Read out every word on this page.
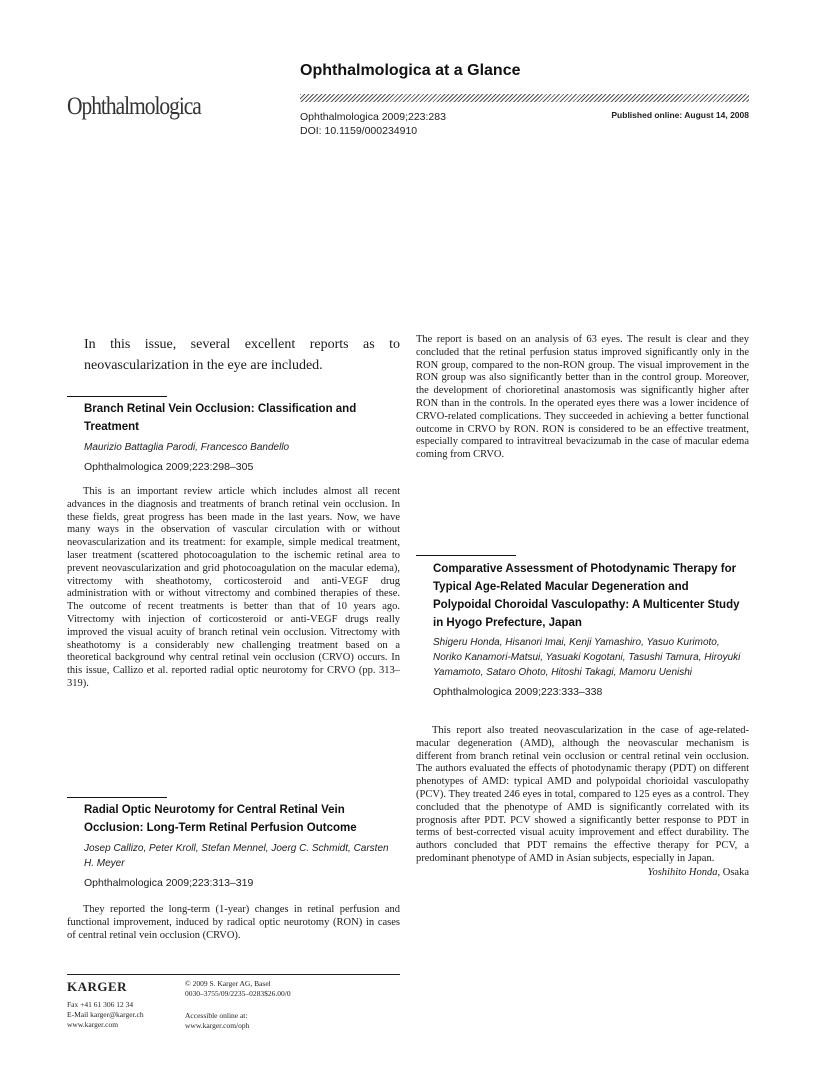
Ophthalmologica
Ophthalmologica at a Glance
Ophthalmologica 2009;223:283
DOI: 10.1159/000234910
Published online: August 14, 2008
In this issue, several excellent reports as to neovascularization in the eye are included.
Branch Retinal Vein Occlusion: Classification and Treatment
Maurizio Battaglia Parodi, Francesco Bandello
Ophthalmologica 2009;223:298–305

This is an important review article which includes almost all recent advances in the diagnosis and treatments of branch retinal vein occlusion. In these fields, great progress has been made in the last years. Now, we have many ways in the observation of vascular circulation with or without neovascularization and its treatment: for example, simple medical treatment, laser treatment (scattered photocoagulation to the ischemic retinal area to prevent neovascularization and grid photocoagulation on the macular edema), vitrectomy with sheathotomy, corticosteroid and anti-VEGF drug administration with or without vitrectomy and combined therapies of these. The outcome of recent treatments is better than that of 10 years ago. Vitrectomy with injection of corticosteroid or anti-VEGF drugs really improved the visual acuity of branch retinal vein occlusion. Vitrectomy with sheathotomy is a considerably new challenging treatment based on a theoretical background why central retinal vein occlusion (CRVO) occurs. In this issue, Callizo et al. reported radial optic neurotomy for CRVO (pp. 313–319).

Radial Optic Neurotomy for Central Retinal Vein Occlusion: Long-Term Retinal Perfusion Outcome
Josep Callizo, Peter Kroll, Stefan Mennel, Joerg C. Schmidt, Carsten H. Meyer
Ophthalmologica 2009;223:313–319

They reported the long-term (1-year) changes in retinal perfusion and functional improvement, induced by radical optic neurotomy (RON) in cases of central retinal vein occlusion (CRVO).

The report is based on an analysis of 63 eyes. The result is clear and they concluded that the retinal perfusion status improved significantly only in the RON group, compared to the non-RON group. The visual improvement in the RON group was also significantly better than in the control group. Moreover, the development of chorioretinal anastomosis was significantly higher after RON than in the controls. In the operated eyes there was a lower incidence of CRVO-related complications. They succeeded in achieving a better functional outcome in CRVO by RON. RON is considered to be an effective treatment, especially compared to intravitreal bevacizumab in the case of macular edema coming from CRVO.

Comparative Assessment of Photodynamic Therapy for Typical Age-Related Macular Degeneration and Polypoidal Choroidal Vasculopathy: A Multicenter Study in Hyogo Prefecture, Japan
Shigeru Honda, Hisanori Imai, Kenji Yamashiro, Yasuo Kurimoto, Noriko Kanamori-Matsui, Yasuaki Kogotani, Tasushi Tamura, Hiroyuki Yamamoto, Sataro Ohoto, Hitoshi Takagi, Mamoru Uenishi
Ophthalmologica 2009;223:333–338

This report also treated neovascularization in the case of age-related-macular degeneration (AMD), although the neovascular mechanism is different from branch retinal vein occlusion or central retinal vein occlusion. The authors evaluated the effects of photodynamic therapy (PDT) on different phenotypes of AMD: typical AMD and polypoidal chorioidal vasculopathy (PCV). They treated 246 eyes in total, compared to 125 eyes as a control. They concluded that the phenotype of AMD is significantly correlated with its prognosis after PDT. PCV showed a significantly better response to PDT in terms of best-corrected visual acuity improvement and effect durability. The authors concluded that PDT remains the effective therapy for PCV, a predominant phenotype of AMD in Asian subjects, especially in Japan.

Yoshihito Honda, Osaka
KARGER
Fax +41 61 306 12 34
E-Mail karger@karger.ch
www.karger.com
© 2009 S. Karger AG, Basel
0030–3755/09/2235–0283$26.00/0
Accessible online at:
www.karger.com/oph
